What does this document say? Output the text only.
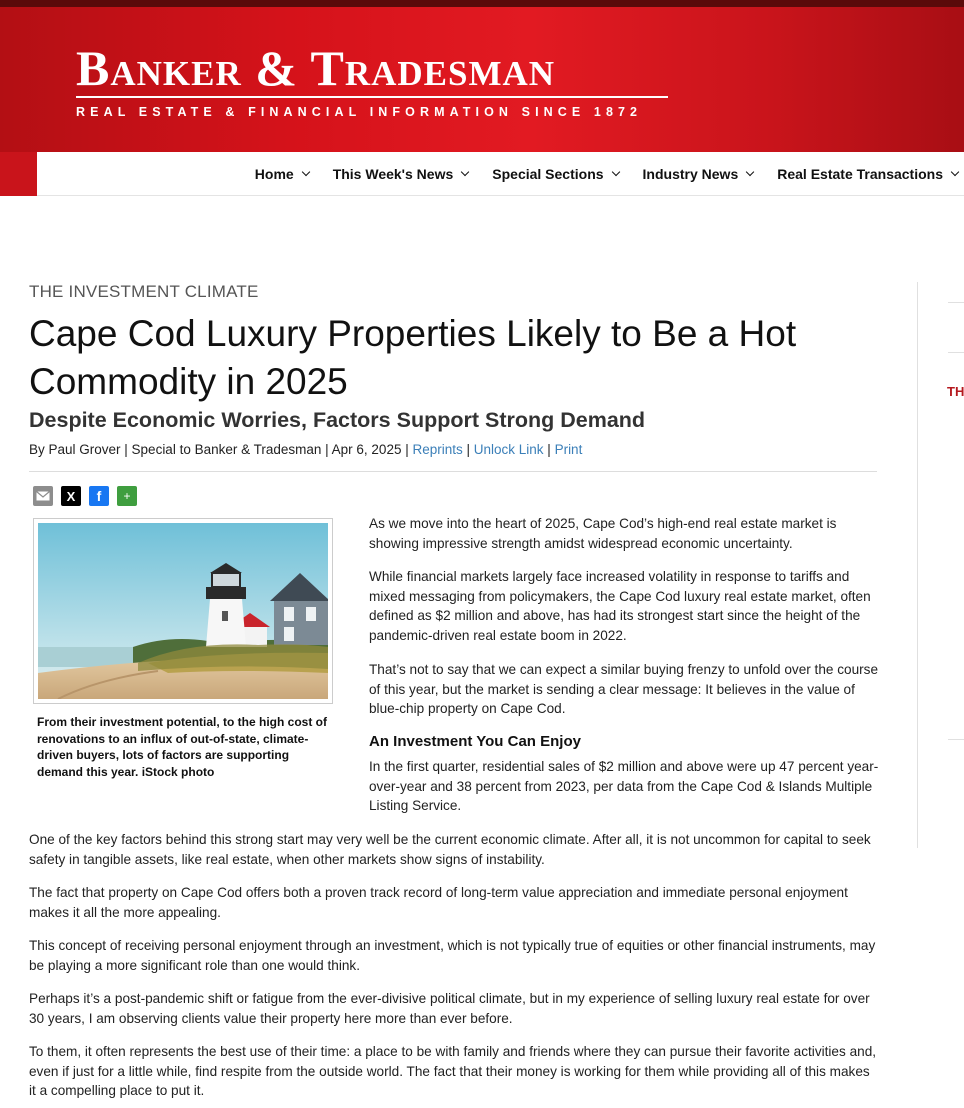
Banker & Tradesman
REAL ESTATE & FINANCIAL INFORMATION SINCE 1872
Home	This Week's News	Special Sections	Industry News	Real Estate Transactions
THE INVESTMENT CLIMATE
Cape Cod Luxury Properties Likely to Be a Hot Commodity in 2025
Despite Economic Worries, Factors Support Strong Demand
By Paul Grover | Special to Banker & Tradesman | Apr 6, 2025 | Reprints | Unlock Link | Print
X	f	+
From their investment potential, to the high cost of renovations to an influx of out-of-state, climate-driven buyers, lots of factors are supporting demand this year. iStock photo

As we move into the heart of 2025, Cape Cod’s high-end real estate market is showing impressive strength amidst widespread economic uncertainty.

While financial markets largely face increased volatility in response to tariffs and mixed messaging from policymakers, the Cape Cod luxury real estate market, often defined as $2 million and above, has had its strongest start since the height of the pandemic-driven real estate boom in 2022.

That’s not to say that we can expect a similar buying frenzy to unfold over the course of this year, but the market is sending a clear message: It believes in the value of blue-chip property on Cape Cod.

An Investment You Can Enjoy

In the first quarter, residential sales of $2 million and above were up 47 percent year-over-year and 38 percent from 2023, per data from the Cape Cod & Islands Multiple Listing Service.

One of the key factors behind this strong start may very well be the current economic climate. After all, it is not uncommon for capital to seek safety in tangible assets, like real estate, when other markets show signs of instability.

The fact that property on Cape Cod offers both a proven track record of long-term value appreciation and immediate personal enjoyment makes it all the more appealing.

This concept of receiving personal enjoyment through an investment, which is not typically true of equities or other financial instruments, may be playing a more significant role than one would think.

Perhaps it’s a post-pandemic shift or fatigue from the ever-divisive political climate, but in my experience of selling luxury real estate for over 30 years, I am observing clients value their property here more than ever before.

To them, it often represents the best use of their time: a place to be with family and friends where they can pursue their favorite activities and, even if just for a little while, find respite from the outside world. The fact that their money is working for them while providing all of this makes it a compelling place to put it.

TH
